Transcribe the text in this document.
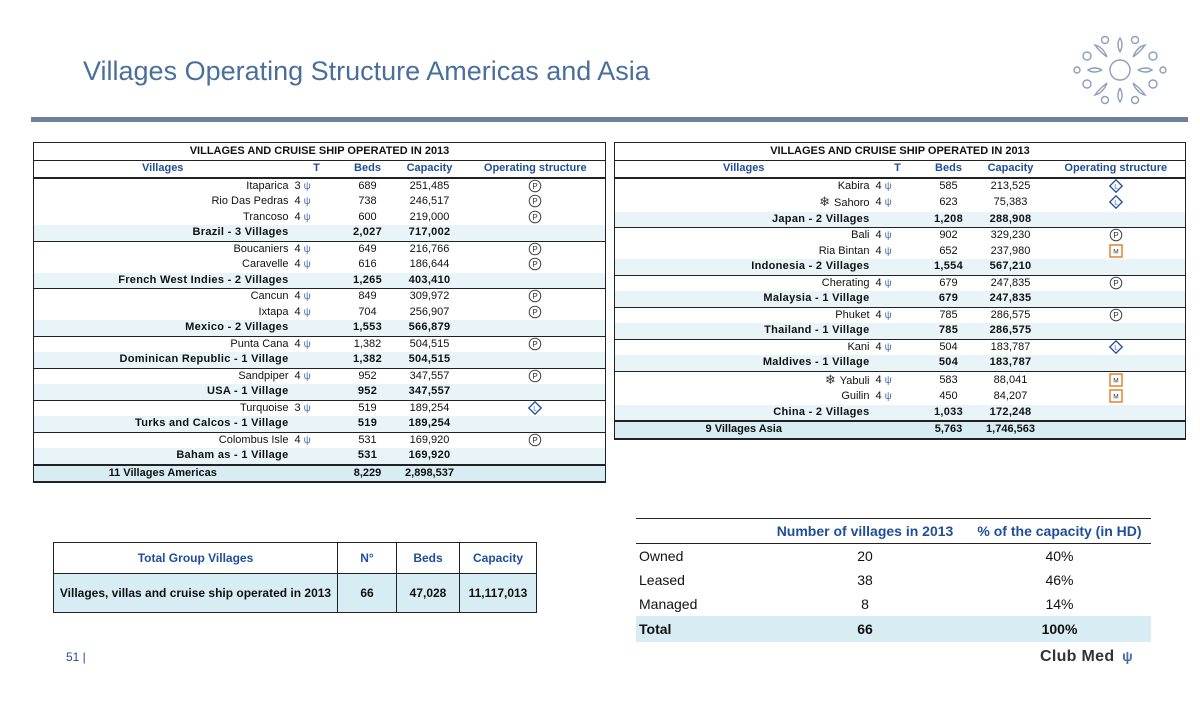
Villages Operating Structure Americas and Asia
VILLAGES AND CRUISE SHIP OPERATED IN 2013				
Villages	T	Beds	Capacity	Operating structure
Itaparica	3 ψ	689	251,485	P

Rio Das Pedras	4 ψ	738	246,517	P

Trancoso	4 ψ	600	219,000	P

Brazil - 3 Villages		2,027	717,002	
Boucaniers	4 ψ	649	216,766	P

Caravelle	4 ψ	616	186,644	P

French West Indies - 2 Villages		1,265	403,410	
Cancun	4 ψ	849	309,972	P

Ixtapa	4 ψ	704	256,907	P

Mexico - 2 Villages		1,553	566,879	
Punta Cana	4 ψ	1,382	504,515	P

Dominican Republic - 1 Village		1,382	504,515	
Sandpiper	4 ψ	952	347,557	P

USA - 1 Village		952	347,557	
Turquoise	3 ψ	519	189,254	L

Turks and Calcos - 1 Village		519	189,254	
Colombus Isle	4 ψ	531	169,920	P

Baham as - 1 Village		531	169,920	
11 Villages Americas		8,229	2,898,537	
VILLAGES AND CRUISE SHIP OPERATED IN 2013				
Villages	T	Beds	Capacity	Operating structure
Kabira	4 ψ	585	213,525	L

❄ Sahoro	4 ψ	623	75,383	L

Japan - 2 Villages		1,208	288,908	
Bali	4 ψ	902	329,230	P

Ria Bintan	4 ψ	652	237,980	M

Indonesia - 2 Villages		1,554	567,210	
Cherating	4 ψ	679	247,835	P

Malaysia - 1 Village		679	247,835	
Phuket	4 ψ	785	286,575	P

Thailand - 1 Village		785	286,575	
Kani	4 ψ	504	183,787	L

Maldives - 1 Village		504	183,787	
❄ Yabuli	4 ψ	583	88,041	M

Guilin	4 ψ	450	84,207	M

China - 2 Villages		1,033	172,248	
9 Villages Asia		5,763	1,746,563	
Total Group Villages	N°	Beds	Capacity
Villages, villas and cruise ship operated in 2013	66	47,028	11,117,013
	Number of villages in 2013	% of the capacity (in HD)
Owned	20	40%
Leased	38	46%
Managed	8	14%
Total	66	100%
51 |	Club Med ψ
